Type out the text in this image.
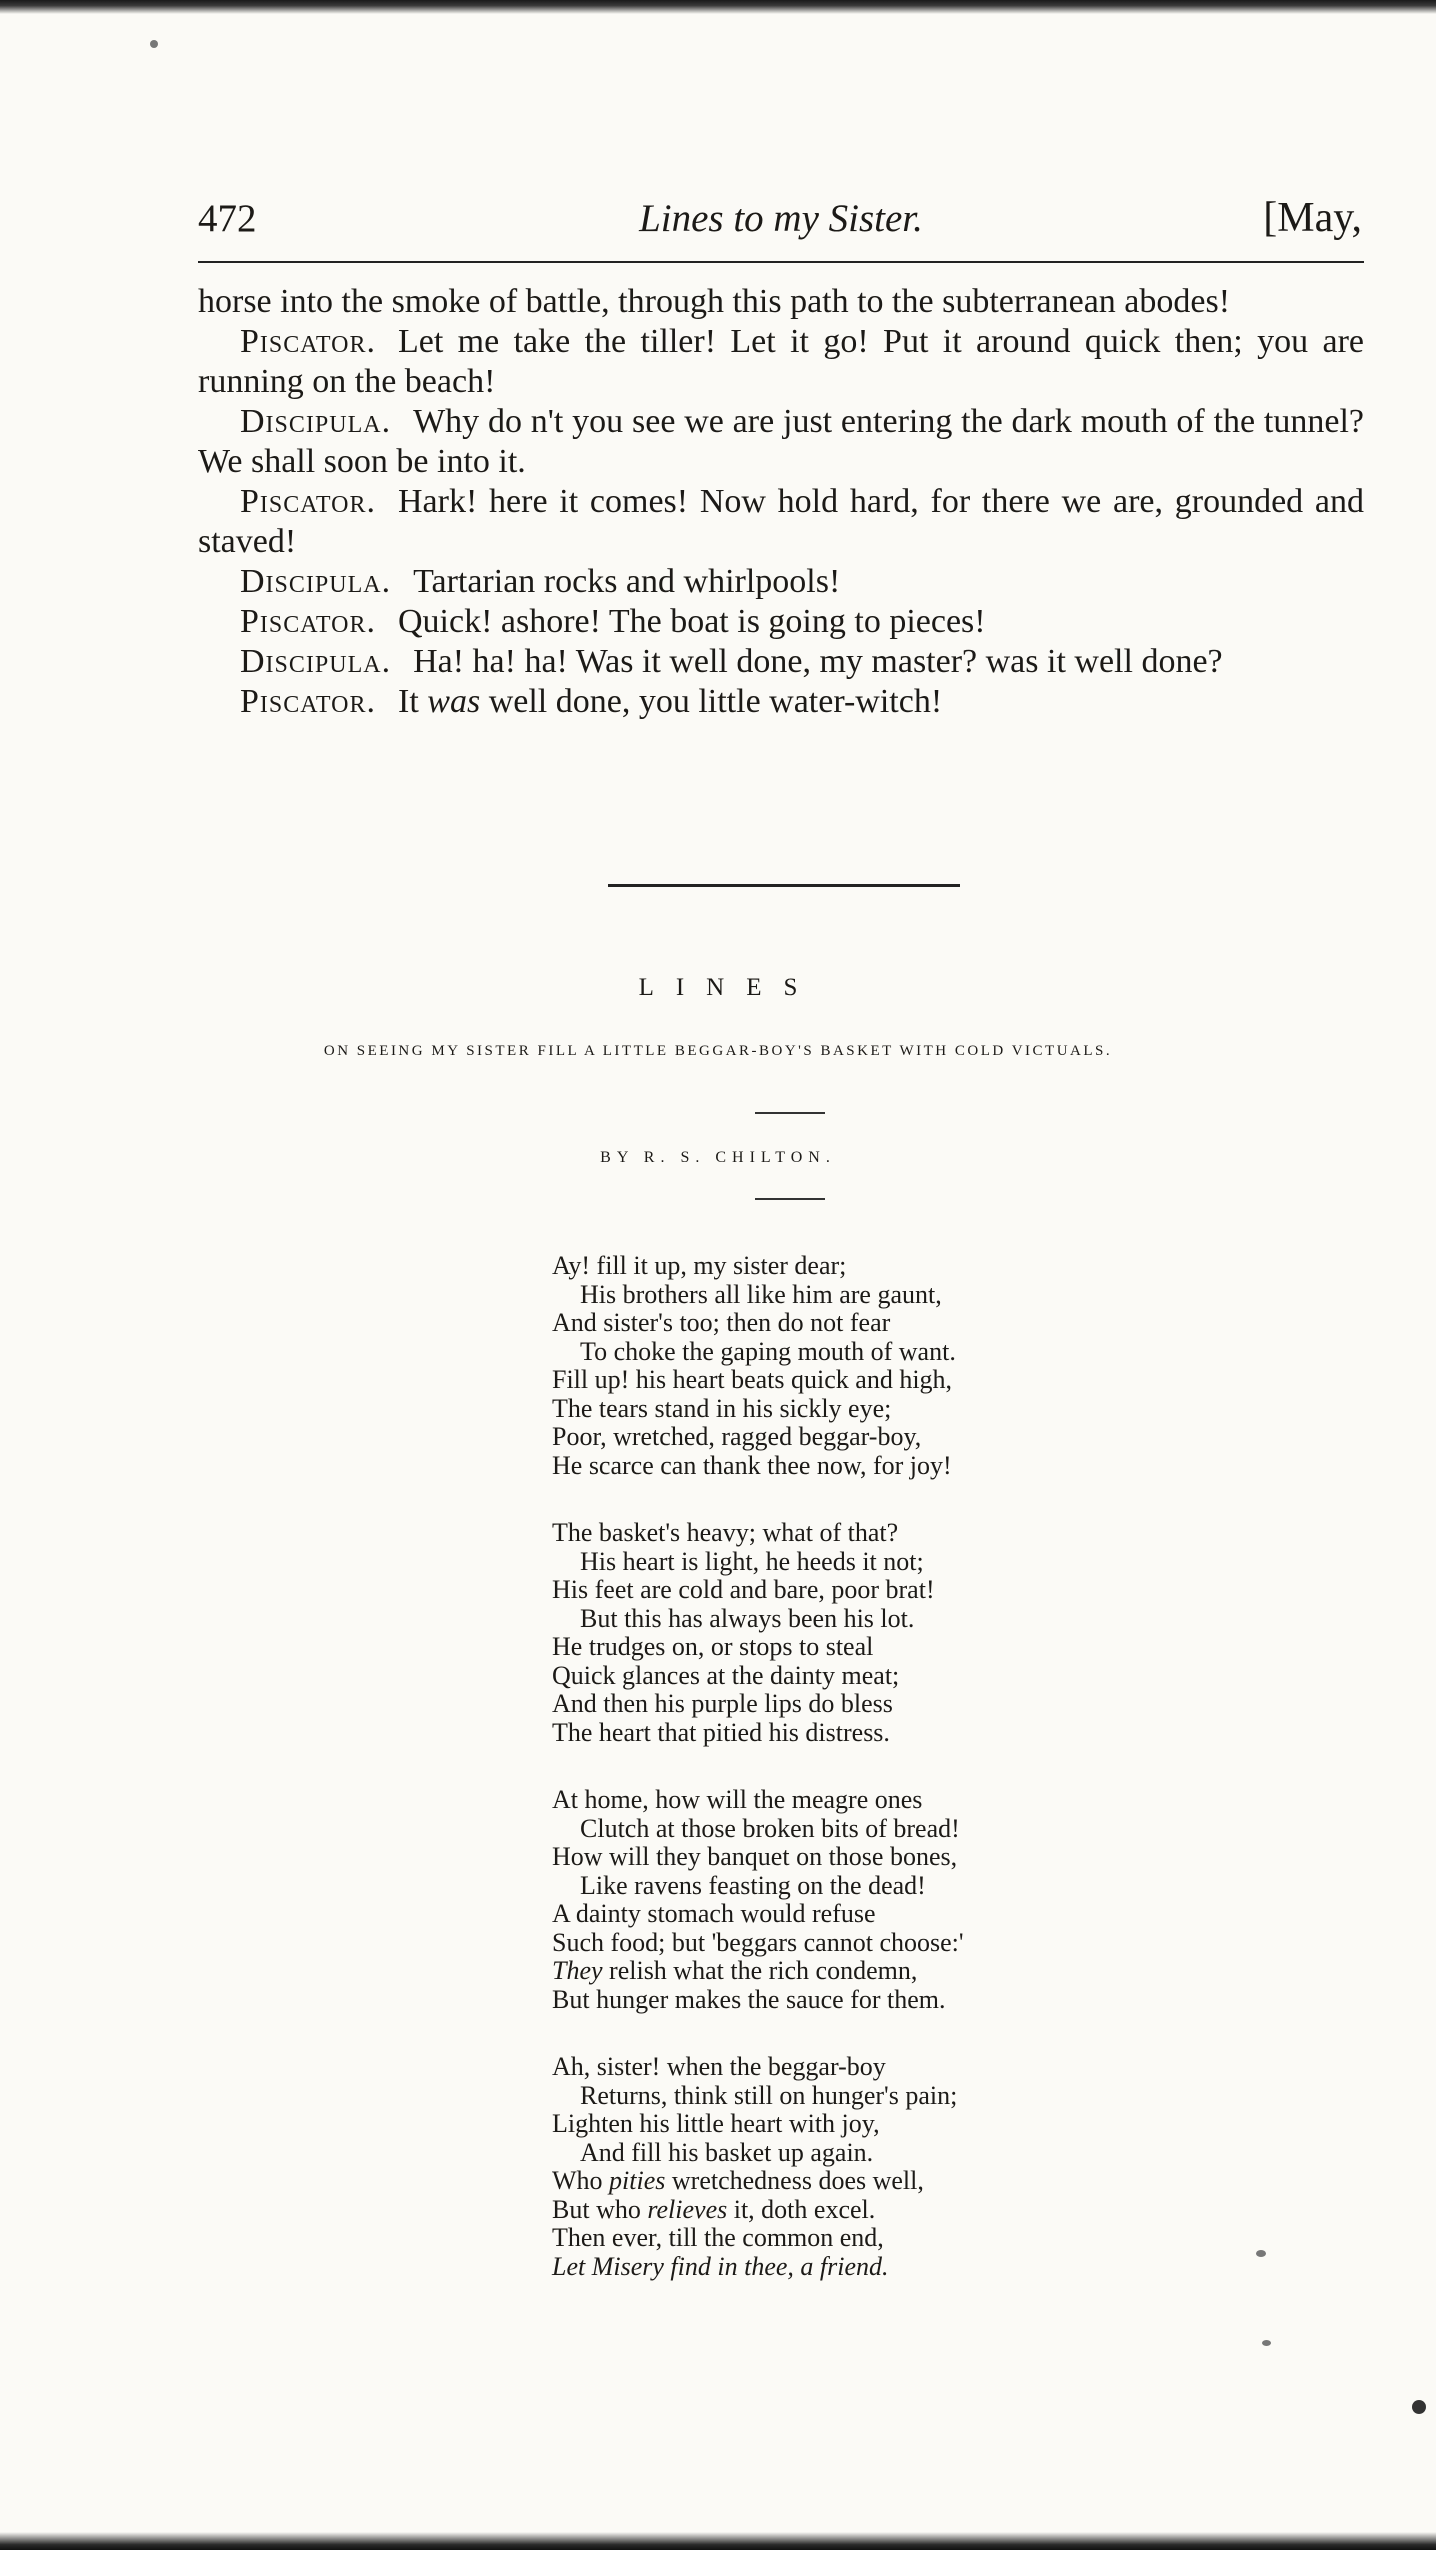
472	Lines to my Sister.	[May,

horse into the smoke of battle, through this path to the subterranean abodes!

Piscator. Let me take the tiller! Let it go! Put it around quick then; you are running on the beach!

Discipula. Why do n't you see we are just entering the dark mouth of the tunnel? We shall soon be into it.

Piscator. Hark! here it comes! Now hold hard, for there we are, grounded and staved!

Discipula. Tartarian rocks and whirlpools!

Piscator. Quick! ashore! The boat is going to pieces!

Discipula. Ha! ha! ha! Was it well done, my master? was it well done?

Piscator. It was well done, you little water-witch!

LINES
ON SEEING MY SISTER FILL A LITTLE BEGGAR-BOY'S BASKET WITH COLD VICTUALS.
BY R. S. CHILTON.
Ay! fill it up, my sister dear;
His brothers all like him are gaunt,
And sister's too; then do not fear
To choke the gaping mouth of want.
Fill up! his heart beats quick and high,
The tears stand in his sickly eye;
Poor, wretched, ragged beggar-boy,
He scarce can thank thee now, for joy!
The basket's heavy; what of that?
His heart is light, he heeds it not;
His feet are cold and bare, poor brat!
But this has always been his lot.
He trudges on, or stops to steal
Quick glances at the dainty meat;
And then his purple lips do bless
The heart that pitied his distress.
At home, how will the meagre ones
Clutch at those broken bits of bread!
How will they banquet on those bones,
Like ravens feasting on the dead!
A dainty stomach would refuse
Such food; but 'beggars cannot choose:'
They relish what the rich condemn,
But hunger makes the sauce for them.
Ah, sister! when the beggar-boy
Returns, think still on hunger's pain;
Lighten his little heart with joy,
And fill his basket up again.
Who pities wretchedness does well,
But who relieves it, doth excel.
Then ever, till the common end,
Let Misery find in thee, a friend.
